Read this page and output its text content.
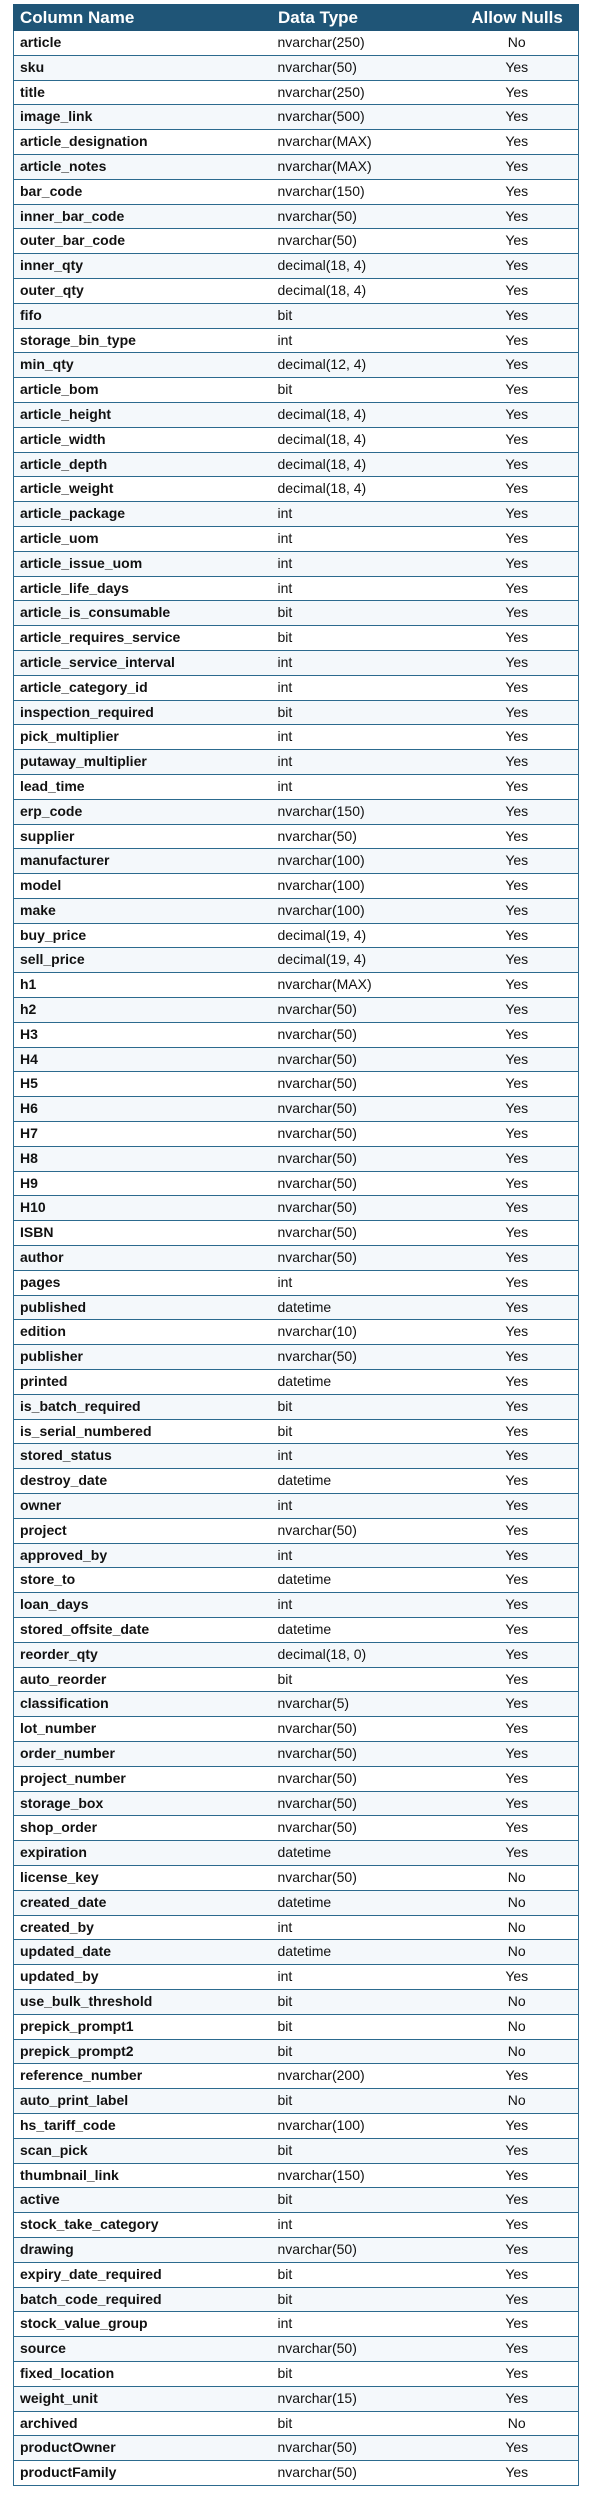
Column Name	Data Type	Allow Nulls
article	nvarchar(250)	No
sku	nvarchar(50)	Yes
title	nvarchar(250)	Yes
image_link	nvarchar(500)	Yes
article_designation	nvarchar(MAX)	Yes
article_notes	nvarchar(MAX)	Yes
bar_code	nvarchar(150)	Yes
inner_bar_code	nvarchar(50)	Yes
outer_bar_code	nvarchar(50)	Yes
inner_qty	decimal(18, 4)	Yes
outer_qty	decimal(18, 4)	Yes
fifo	bit	Yes
storage_bin_type	int	Yes
min_qty	decimal(12, 4)	Yes
article_bom	bit	Yes
article_height	decimal(18, 4)	Yes
article_width	decimal(18, 4)	Yes
article_depth	decimal(18, 4)	Yes
article_weight	decimal(18, 4)	Yes
article_package	int	Yes
article_uom	int	Yes
article_issue_uom	int	Yes
article_life_days	int	Yes
article_is_consumable	bit	Yes
article_requires_service	bit	Yes
article_service_interval	int	Yes
article_category_id	int	Yes
inspection_required	bit	Yes
pick_multiplier	int	Yes
putaway_multiplier	int	Yes
lead_time	int	Yes
erp_code	nvarchar(150)	Yes
supplier	nvarchar(50)	Yes
manufacturer	nvarchar(100)	Yes
model	nvarchar(100)	Yes
make	nvarchar(100)	Yes
buy_price	decimal(19, 4)	Yes
sell_price	decimal(19, 4)	Yes
h1	nvarchar(MAX)	Yes
h2	nvarchar(50)	Yes
H3	nvarchar(50)	Yes
H4	nvarchar(50)	Yes
H5	nvarchar(50)	Yes
H6	nvarchar(50)	Yes
H7	nvarchar(50)	Yes
H8	nvarchar(50)	Yes
H9	nvarchar(50)	Yes
H10	nvarchar(50)	Yes
ISBN	nvarchar(50)	Yes
author	nvarchar(50)	Yes
pages	int	Yes
published	datetime	Yes
edition	nvarchar(10)	Yes
publisher	nvarchar(50)	Yes
printed	datetime	Yes
is_batch_required	bit	Yes
is_serial_numbered	bit	Yes
stored_status	int	Yes
destroy_date	datetime	Yes
owner	int	Yes
project	nvarchar(50)	Yes
approved_by	int	Yes
store_to	datetime	Yes
loan_days	int	Yes
stored_offsite_date	datetime	Yes
reorder_qty	decimal(18, 0)	Yes
auto_reorder	bit	Yes
classification	nvarchar(5)	Yes
lot_number	nvarchar(50)	Yes
order_number	nvarchar(50)	Yes
project_number	nvarchar(50)	Yes
storage_box	nvarchar(50)	Yes
shop_order	nvarchar(50)	Yes
expiration	datetime	Yes
license_key	nvarchar(50)	No
created_date	datetime	No
created_by	int	No
updated_date	datetime	No
updated_by	int	Yes
use_bulk_threshold	bit	No
prepick_prompt1	bit	No
prepick_prompt2	bit	No
reference_number	nvarchar(200)	Yes
auto_print_label	bit	No
hs_tariff_code	nvarchar(100)	Yes
scan_pick	bit	Yes
thumbnail_link	nvarchar(150)	Yes
active	bit	Yes
stock_take_category	int	Yes
drawing	nvarchar(50)	Yes
expiry_date_required	bit	Yes
batch_code_required	bit	Yes
stock_value_group	int	Yes
source	nvarchar(50)	Yes
fixed_location	bit	Yes
weight_unit	nvarchar(15)	Yes
archived	bit	No
productOwner	nvarchar(50)	Yes
productFamily	nvarchar(50)	Yes
